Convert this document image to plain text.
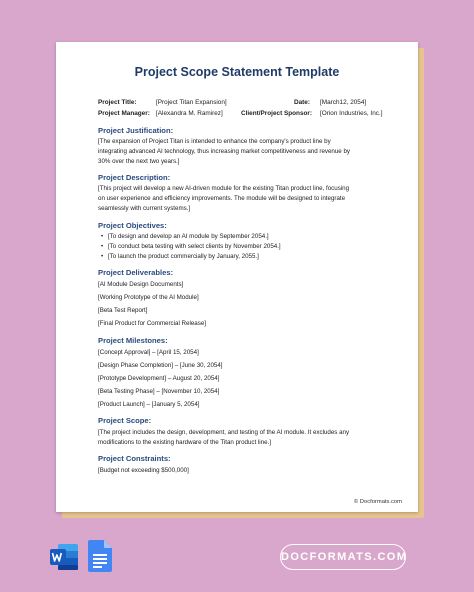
Project Scope Statement Template
Project Title:	[Project Titan Expansion]	Date: [March12, 2054]
Project Manager: [Alexandra M. Ramirez]	Client/Project Sponsor: [Orion Industries, Inc.]
Project Justification:
[The expansion of Project Titan is intended to enhance the company's product line by
integrating advanced AI technology, thus increasing market competitiveness and revenue by
30% over the next two years.]
Project Description:
[This project will develop a new AI-driven module for the existing Titan product line, focusing
on user experience and efficiency improvements. The module will be designed to integrate
seamlessly with current systems.]
Project Objectives:
• [To design and develop an AI module by September 2054.]
• [To conduct beta testing with select clients by November 2054.]
• [To launch the product commercially by January, 2055.]
Project Deliverables:
[AI Module Design Documents]
[Working Prototype of the AI Module]
[Beta Test Report]
[Final Product for Commercial Release]
Project Milestones:
[Concept Approval] – [April 15, 2054]
[Design Phase Completion] – [June 30, 2054]
[Prototype Development] – August 20, 2054]
[Beta Testing Phase] – [November 10, 2054]
[Product Launch] – [January 5, 2054]
Project Scope:
[The project includes the design, development, and testing of the AI module. It excludes any
modifications to the existing hardware of the Titan product line.]
Project Constraints:
[Budget not exceeding $500,000]
© Docformats.com
DOCFORMATS.COM
